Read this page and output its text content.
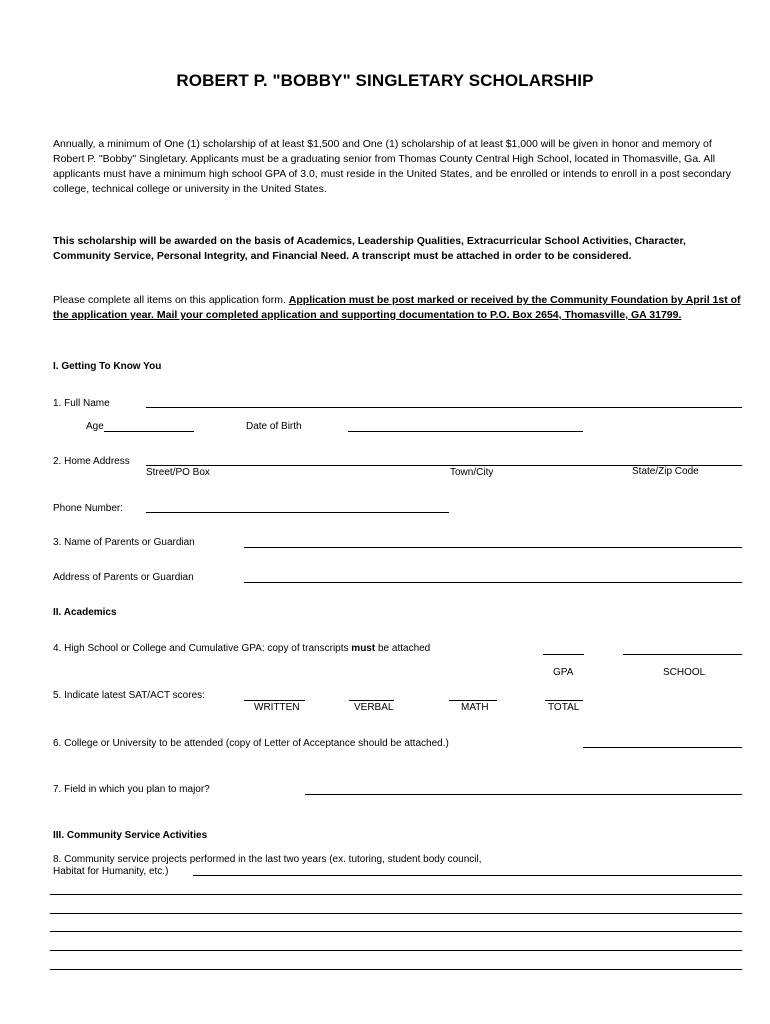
ROBERT P. "BOBBY" SINGLETARY SCHOLARSHIP
Annually, a minimum of One (1) scholarship of at least $1,500 and One (1) scholarship of at least $1,000 will be given in honor and memory of Robert P. "Bobby" Singletary. Applicants must be a graduating senior from Thomas County Central High School, located in Thomasville, Ga. All applicants must have a minimum high school GPA of 3.0, must reside in the United States, and be enrolled or intends to enroll in a post secondary college, technical college or university in the United States.
This scholarship will be awarded on the basis of Academics, Leadership Qualities, Extracurricular School Activities, Character, Community Service, Personal Integrity, and Financial Need. A transcript must be attached in order to be considered.
Please complete all items on this application form. Application must be post marked or received by the Community Foundation by April 1st of the application year. Mail your completed application and supporting documentation to P.O. Box 2654, Thomasville, GA 31799.
I. Getting To Know You
1. Full Name
Age	Date of Birth
2. Home Address
Street/PO Box	Town/City	State/Zip Code
Phone Number:
3. Name of Parents or Guardian
Address of Parents or Guardian
II. Academics
4. High School or College and Cumulative GPA: copy of transcripts must be attached
GPA	SCHOOL
5. Indicate latest SAT/ACT scores:
WRITTEN	VERBAL	MATH	TOTAL
6. College or University to be attended (copy of Letter of Acceptance should be attached.)
7. Field in which you plan to major?
III. Community Service Activities
8. Community service projects performed in the last two years (ex. tutoring, student body council,
Habitat for Humanity, etc.)
